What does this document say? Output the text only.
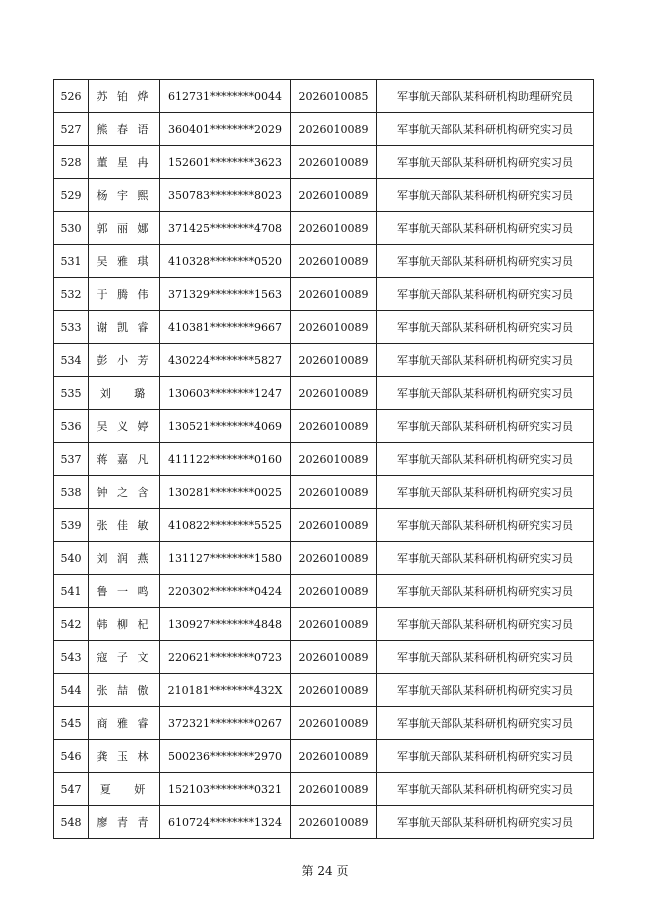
526	苏 铂 烨	612731********0044	2026010085	军事航天部队某科研机构助理研究员
527	熊 春 语	360401********2029	2026010089	军事航天部队某科研机构研究实习员
528	董 星 冉	152601********3623	2026010089	军事航天部队某科研机构研究实习员
529	杨 宇 熙	350783********8023	2026010089	军事航天部队某科研机构研究实习员
530	郭 丽 娜	371425********4708	2026010089	军事航天部队某科研机构研究实习员
531	吴 雅 琪	410328********0520	2026010089	军事航天部队某科研机构研究实习员
532	于 腾 伟	371329********1563	2026010089	军事航天部队某科研机构研究实习员
533	谢 凯 睿	410381********9667	2026010089	军事航天部队某科研机构研究实习员
534	彭 小 芳	430224********5827	2026010089	军事航天部队某科研机构研究实习员
535	刘　 璐	130603********1247	2026010089	军事航天部队某科研机构研究实习员
536	吴 义 婷	130521********4069	2026010089	军事航天部队某科研机构研究实习员
537	蒋 嘉 凡	411122********0160	2026010089	军事航天部队某科研机构研究实习员
538	钟 之 含	130281********0025	2026010089	军事航天部队某科研机构研究实习员
539	张 佳 敏	410822********5525	2026010089	军事航天部队某科研机构研究实习员
540	刘 润 燕	131127********1580	2026010089	军事航天部队某科研机构研究实习员
541	鲁 一 鸣	220302********0424	2026010089	军事航天部队某科研机构研究实习员
542	韩 柳 杞	130927********4848	2026010089	军事航天部队某科研机构研究实习员
543	寇 子 文	220621********0723	2026010089	军事航天部队某科研机构研究实习员
544	张 喆 傲	210181********432X	2026010089	军事航天部队某科研机构研究实习员
545	商 雅 睿	372321********0267	2026010089	军事航天部队某科研机构研究实习员
546	龚 玉 林	500236********2970	2026010089	军事航天部队某科研机构研究实习员
547	夏　 妍	152103********0321	2026010089	军事航天部队某科研机构研究实习员
548	廖 青 青	610724********1324	2026010089	军事航天部队某科研机构研究实习员
第 24 页
